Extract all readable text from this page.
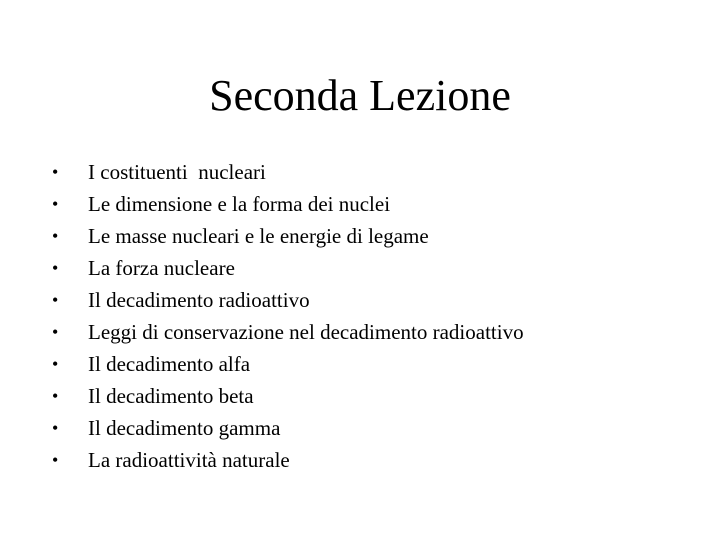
Seconda Lezione
•	I costituenti  nucleari
•	Le dimensione e la forma dei nuclei
•	Le masse nucleari e le energie di legame
•	La forza nucleare
•	Il decadimento radioattivo
•	Leggi di conservazione nel decadimento radioattivo
•	Il decadimento alfa
•	Il decadimento beta
•	Il decadimento gamma
•	La radioattività naturale
